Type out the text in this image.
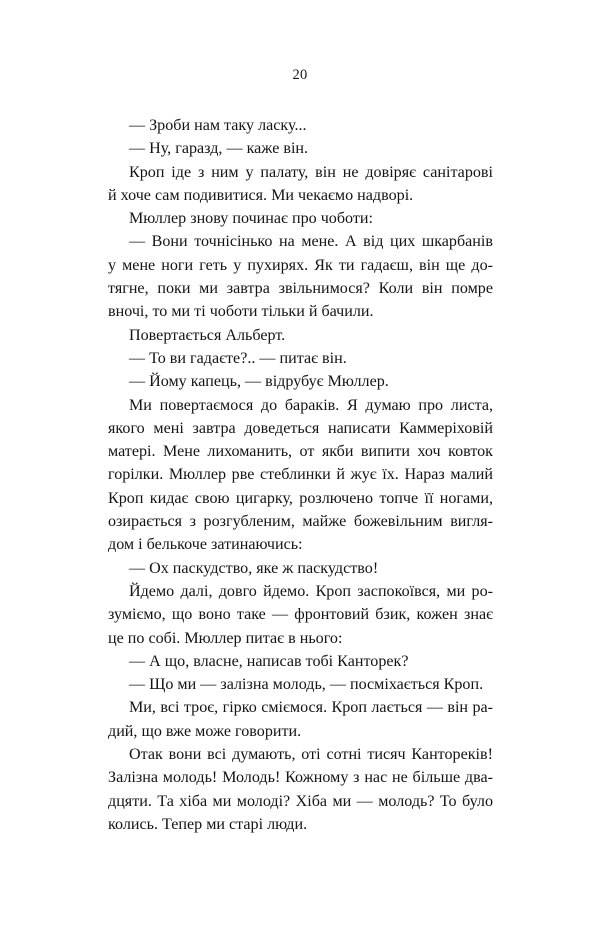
20
— Зроби нам таку ласку...
— Ну, гаразд, — каже він.
Кроп іде з ним у палату, він не довіряє санітарові
й хоче сам подивитися. Ми чекаємо надворі.
Мюллер знову починає про чоботи:
— Вони точнісінько на мене. А від цих шкарбанів
у мене ноги геть у пухирях. Як ти гадаєш, він ще до-
тягне, поки ми завтра звільнимося? Коли він помре
вночі, то ми ті чоботи тільки й бачили.
Повертається Альберт.
— То ви гадаєте?.. — питає він.
— Йому капець, — відрубує Мюллер.
Ми повертаємося до бараків. Я думаю про листа,
якого мені завтра доведеться написати Каммеріховій
матері. Мене лихоманить, от якби випити хоч ковток
горілки. Мюллер рве стеблинки й жує їх. Нараз малий
Кроп кидає свою цигарку, розлючено топче її ногами,
озирається з розгубленим, майже божевільним вигля-
дом і белькоче затинаючись:
— Ох паскудство, яке ж паскудство!
Йдемо далі, довго йдемо. Кроп заспокоївся, ми ро-
зуміємо, що воно таке — фронтовий бзик, кожен знає
це по собі. Мюллер питає в нього:
— А що, власне, написав тобі Канторек?
— Що ми — залізна молодь, — посміхається Кроп.
Ми, всі троє, гірко сміємося. Кроп лається — він ра-
дий, що вже може говорити.
Отак вони всі думають, оті сотні тисяч Кантореків!
Залізна молодь! Молодь! Кожному з нас не більше два-
дцяти. Та хіба ми молоді? Хіба ми — молодь? То було
колись. Тепер ми старі люди.
